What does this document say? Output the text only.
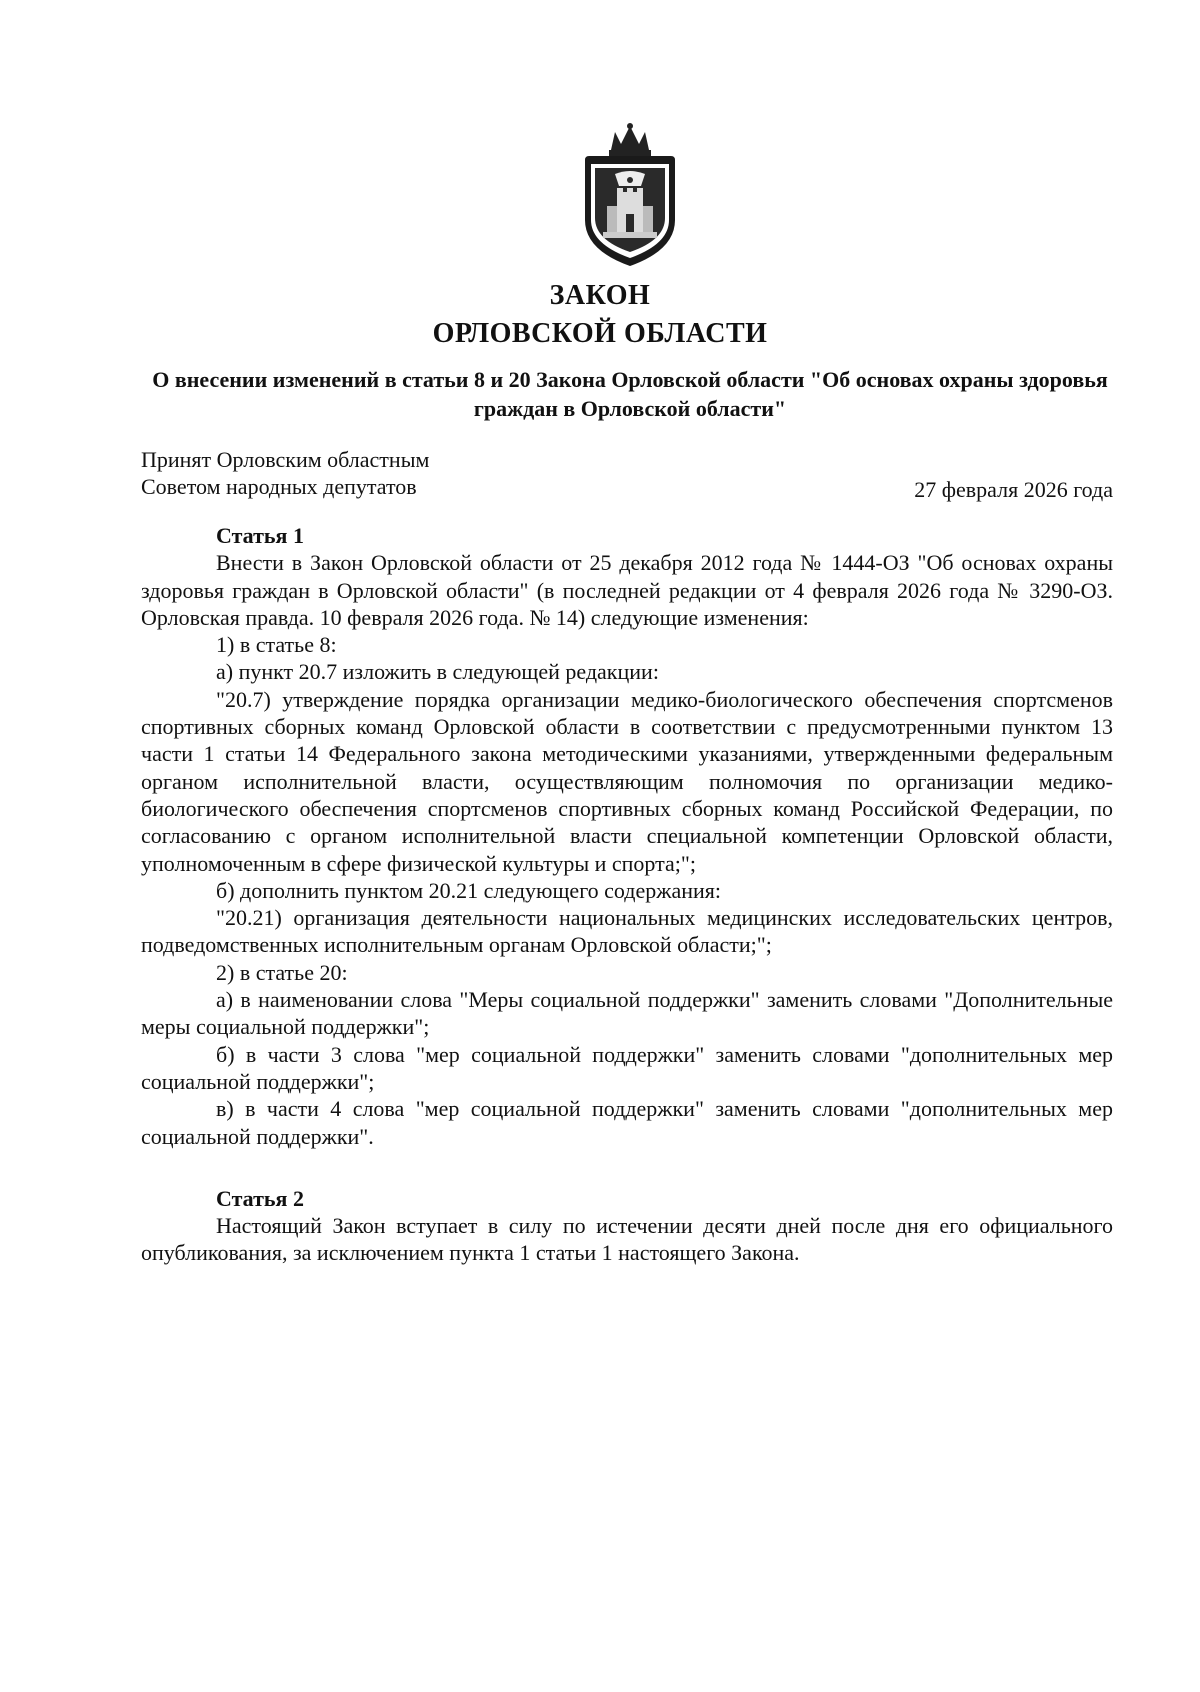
ЗАКОН
ОРЛОВСКОЙ ОБЛАСТИ
О внесении изменений в статьи 8 и 20 Закона Орловской области "Об основах охраны здоровья граждан в Орловской области"
Принят Орловским областным
Советом народных депутатов	27 февраля 2026 года
Статья 1

Внести в Закон Орловской области от 25 декабря 2012 года № 1444-ОЗ "Об основах охраны здоровья граждан в Орловской области" (в последней редакции от 4 февраля 2026 года № 3290-ОЗ. Орловская правда. 10 февраля 2026 года. № 14) следующие изменения:

1) в статье 8:

а) пункт 20.7 изложить в следующей редакции:

"20.7) утверждение порядка организации медико-биологического обеспечения спортсменов спортивных сборных команд Орловской области в соответствии с предусмотренными пунктом 13 части 1 статьи 14 Федерального закона методическими указаниями, утвержденными федеральным органом исполнительной власти, осуществляющим полномочия по организации медико-биологического обеспечения спортсменов спортивных сборных команд Российской Федерации, по согласованию с органом исполнительной власти специальной компетенции Орловской области, уполномоченным в сфере физической культуры и спорта;";

б) дополнить пунктом 20.21 следующего содержания:

"20.21) организация деятельности национальных медицинских исследовательских центров, подведомственных исполнительным органам Орловской области;";

2) в статье 20:

а) в наименовании слова "Меры социальной поддержки" заменить словами "Дополнительные меры социальной поддержки";

б) в части 3 слова "мер социальной поддержки" заменить словами "дополнительных мер социальной поддержки";

в) в части 4 слова "мер социальной поддержки" заменить словами "дополнительных мер социальной поддержки".

Статья 2

Настоящий Закон вступает в силу по истечении десяти дней после дня его официального опубликования, за исключением пункта 1 статьи 1 настоящего Закона.
